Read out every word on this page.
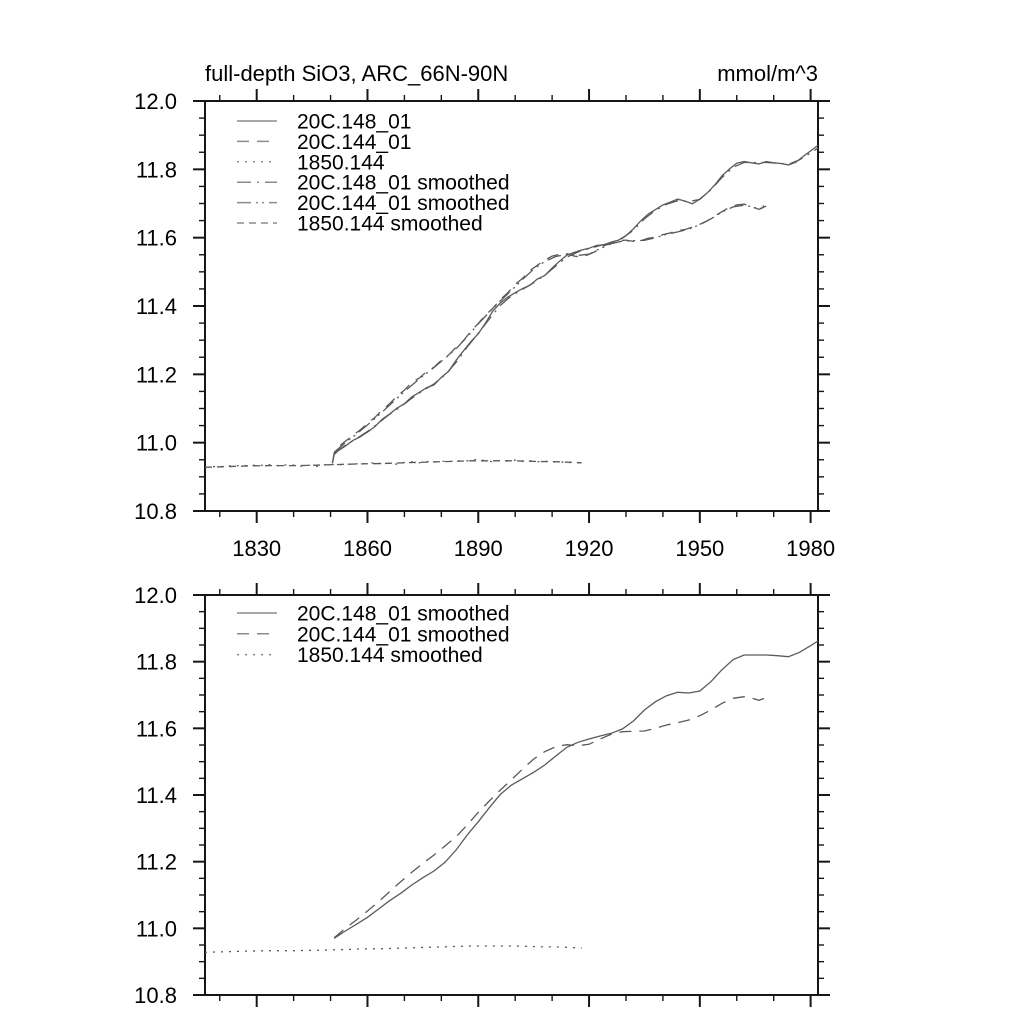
full-depth SiO3, ARC_66N-90N	mmol/m^3
10.8
11.0
11.2
11.4
11.6
11.8
12.0
1830	1860	1890	1920	1950	1980
20C.148_01
20C.144_01
1850.144
20C.148_01 smoothed
20C.144_01 smoothed
1850.144 smoothed
10.8
11.0
11.2
11.4
11.6
11.8
12.0
20C.148_01 smoothed
20C.144_01 smoothed
1850.144 smoothed
